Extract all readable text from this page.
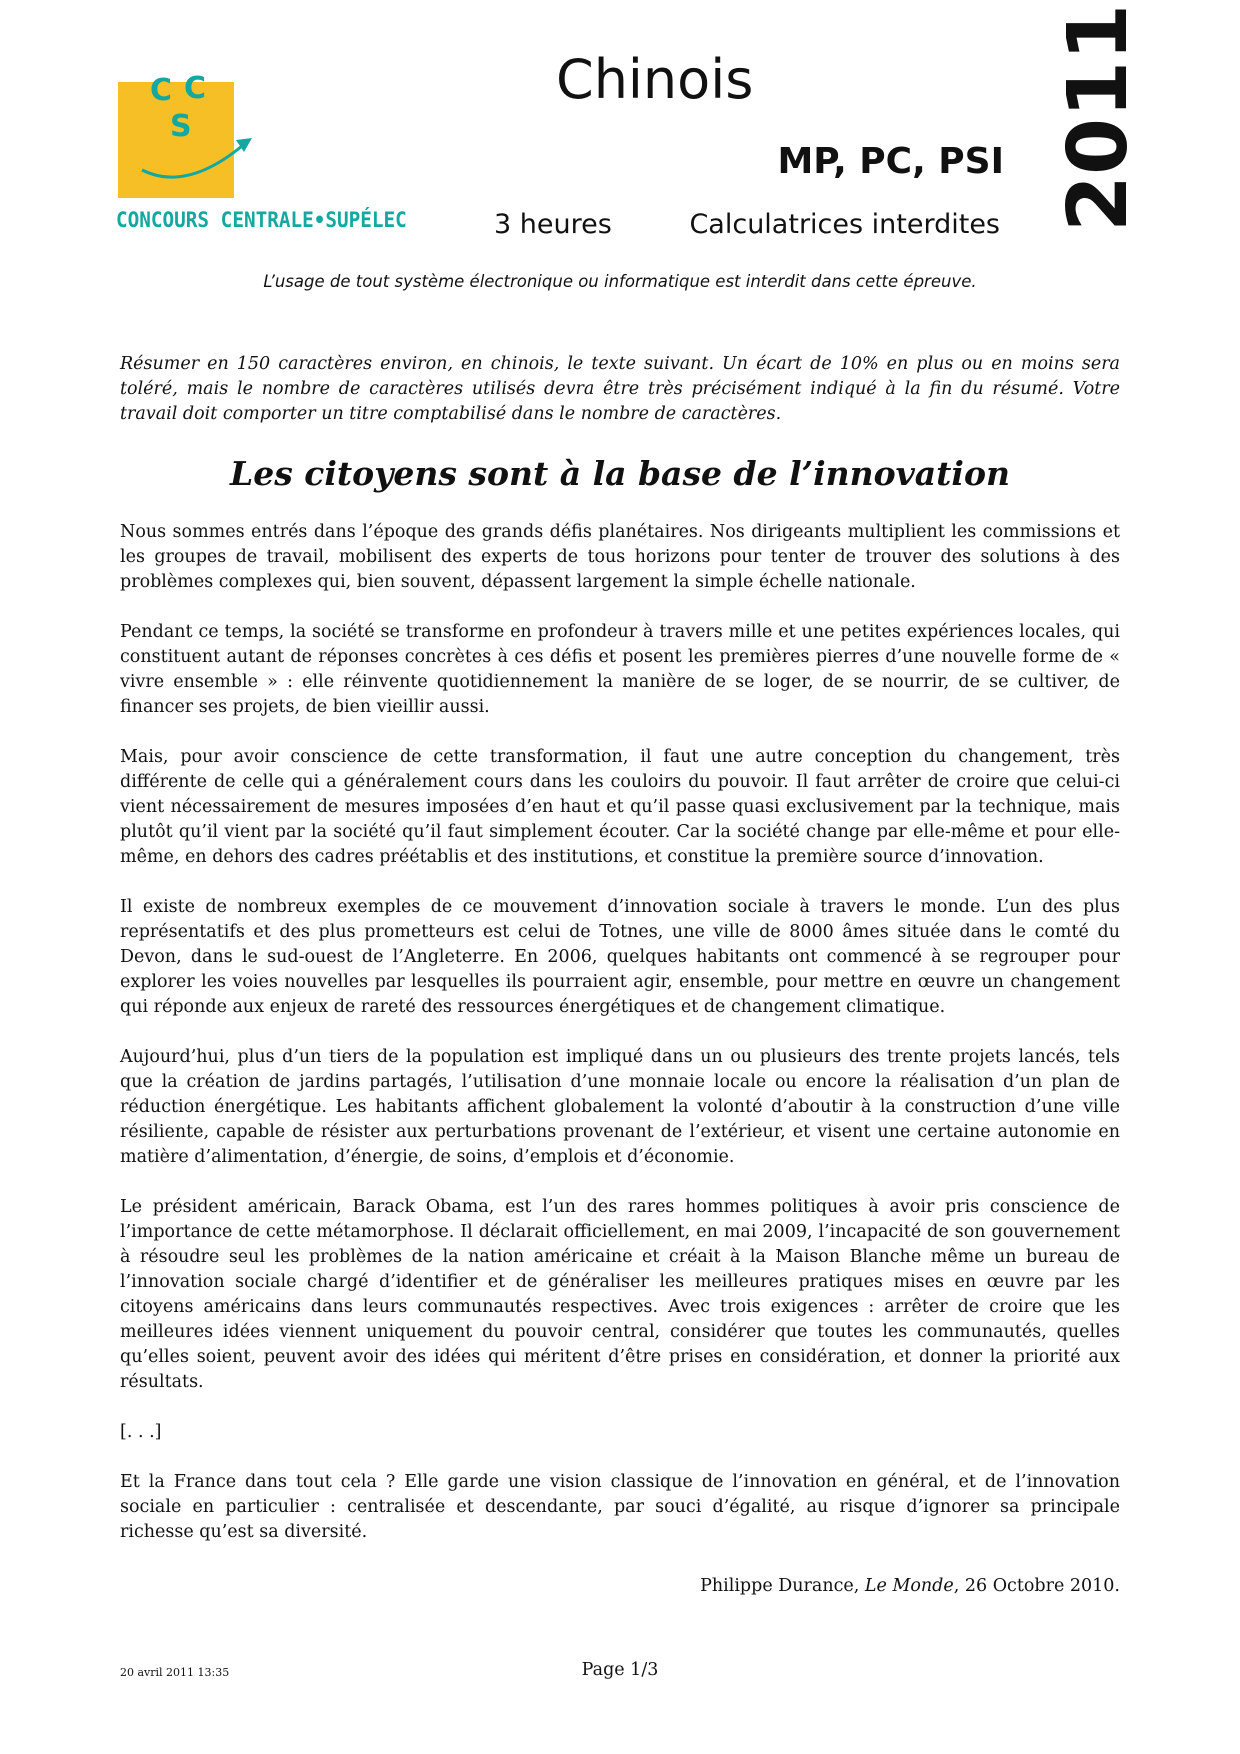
C C
S
CONCOURS CENTRALE•SUPÉLEC
Chinois
MP, PC, PSI
3 heures	Calculatrices interdites 2011
L’usage de tout système électronique ou informatique est interdit dans cette épreuve.
Résumer en 150 caractères environ, en chinois, le texte suivant. Un écart de 10% en plus ou en moins sera toléré, mais le nombre de caractères utilisés devra être très précisément indiqué à la fin du résumé. Votre travail doit comporter un titre comptabilisé dans le nombre de caractères.
Les citoyens sont à la base de l’innovation

Nous sommes entrés dans l’époque des grands défis planétaires. Nos dirigeants multiplient les commissions et les groupes de travail, mobilisent des experts de tous horizons pour tenter de trouver des solutions à des problèmes complexes qui, bien souvent, dépassent largement la simple échelle nationale.

Pendant ce temps, la société se transforme en profondeur à travers mille et une petites expériences locales, qui constituent autant de réponses concrètes à ces défis et posent les premières pierres d’une nouvelle forme de « vivre ensemble » : elle réinvente quotidiennement la manière de se loger, de se nourrir, de se cultiver, de financer ses projets, de bien vieillir aussi.

Mais, pour avoir conscience de cette transformation, il faut une autre conception du changement, très différente de celle qui a généralement cours dans les couloirs du pouvoir. Il faut arrêter de croire que celui-ci vient nécessairement de mesures imposées d’en haut et qu’il passe quasi exclusivement par la technique, mais plutôt qu’il vient par la société qu’il faut simplement écouter. Car la société change par elle-même et pour elle-même, en dehors des cadres préétablis et des institutions, et constitue la première source d’innovation.

Il existe de nombreux exemples de ce mouvement d’innovation sociale à travers le monde. L’un des plus représentatifs et des plus prometteurs est celui de Totnes, une ville de 8000 âmes située dans le comté du Devon, dans le sud-ouest de l’Angleterre. En 2006, quelques habitants ont commencé à se regrouper pour explorer les voies nouvelles par lesquelles ils pourraient agir, ensemble, pour mettre en œuvre un changement qui réponde aux enjeux de rareté des ressources énergétiques et de changement climatique.

Aujourd’hui, plus d’un tiers de la population est impliqué dans un ou plusieurs des trente projets lancés, tels que la création de jardins partagés, l’utilisation d’une monnaie locale ou encore la réalisation d’un plan de réduction énergétique. Les habitants affichent globalement la volonté d’aboutir à la construction d’une ville résiliente, capable de résister aux perturbations provenant de l’extérieur, et visent une certaine autonomie en matière d’alimentation, d’énergie, de soins, d’emplois et d’économie.

Le président américain, Barack Obama, est l’un des rares hommes politiques à avoir pris conscience de l’importance de cette métamorphose. Il déclarait officiellement, en mai 2009, l’incapacité de son gouvernement à résoudre seul les problèmes de la nation américaine et créait à la Maison Blanche même un bureau de l’innovation sociale chargé d’identifier et de généraliser les meilleures pratiques mises en œuvre par les citoyens américains dans leurs communautés respectives. Avec trois exigences : arrêter de croire que les meilleures idées viennent uniquement du pouvoir central, considérer que toutes les communautés, quelles qu’elles soient, peuvent avoir des idées qui méritent d’être prises en considération, et donner la priorité aux résultats.

[. . .]

Et la France dans tout cela ? Elle garde une vision classique de l’innovation en général, et de l’innovation sociale en particulier : centralisée et descendante, par souci d’égalité, au risque d’ignorer sa principale richesse qu’est sa diversité.

Philippe Durance, Le Monde, 26 Octobre 2010.
20 avril 2011 13:35	Page 1/3
